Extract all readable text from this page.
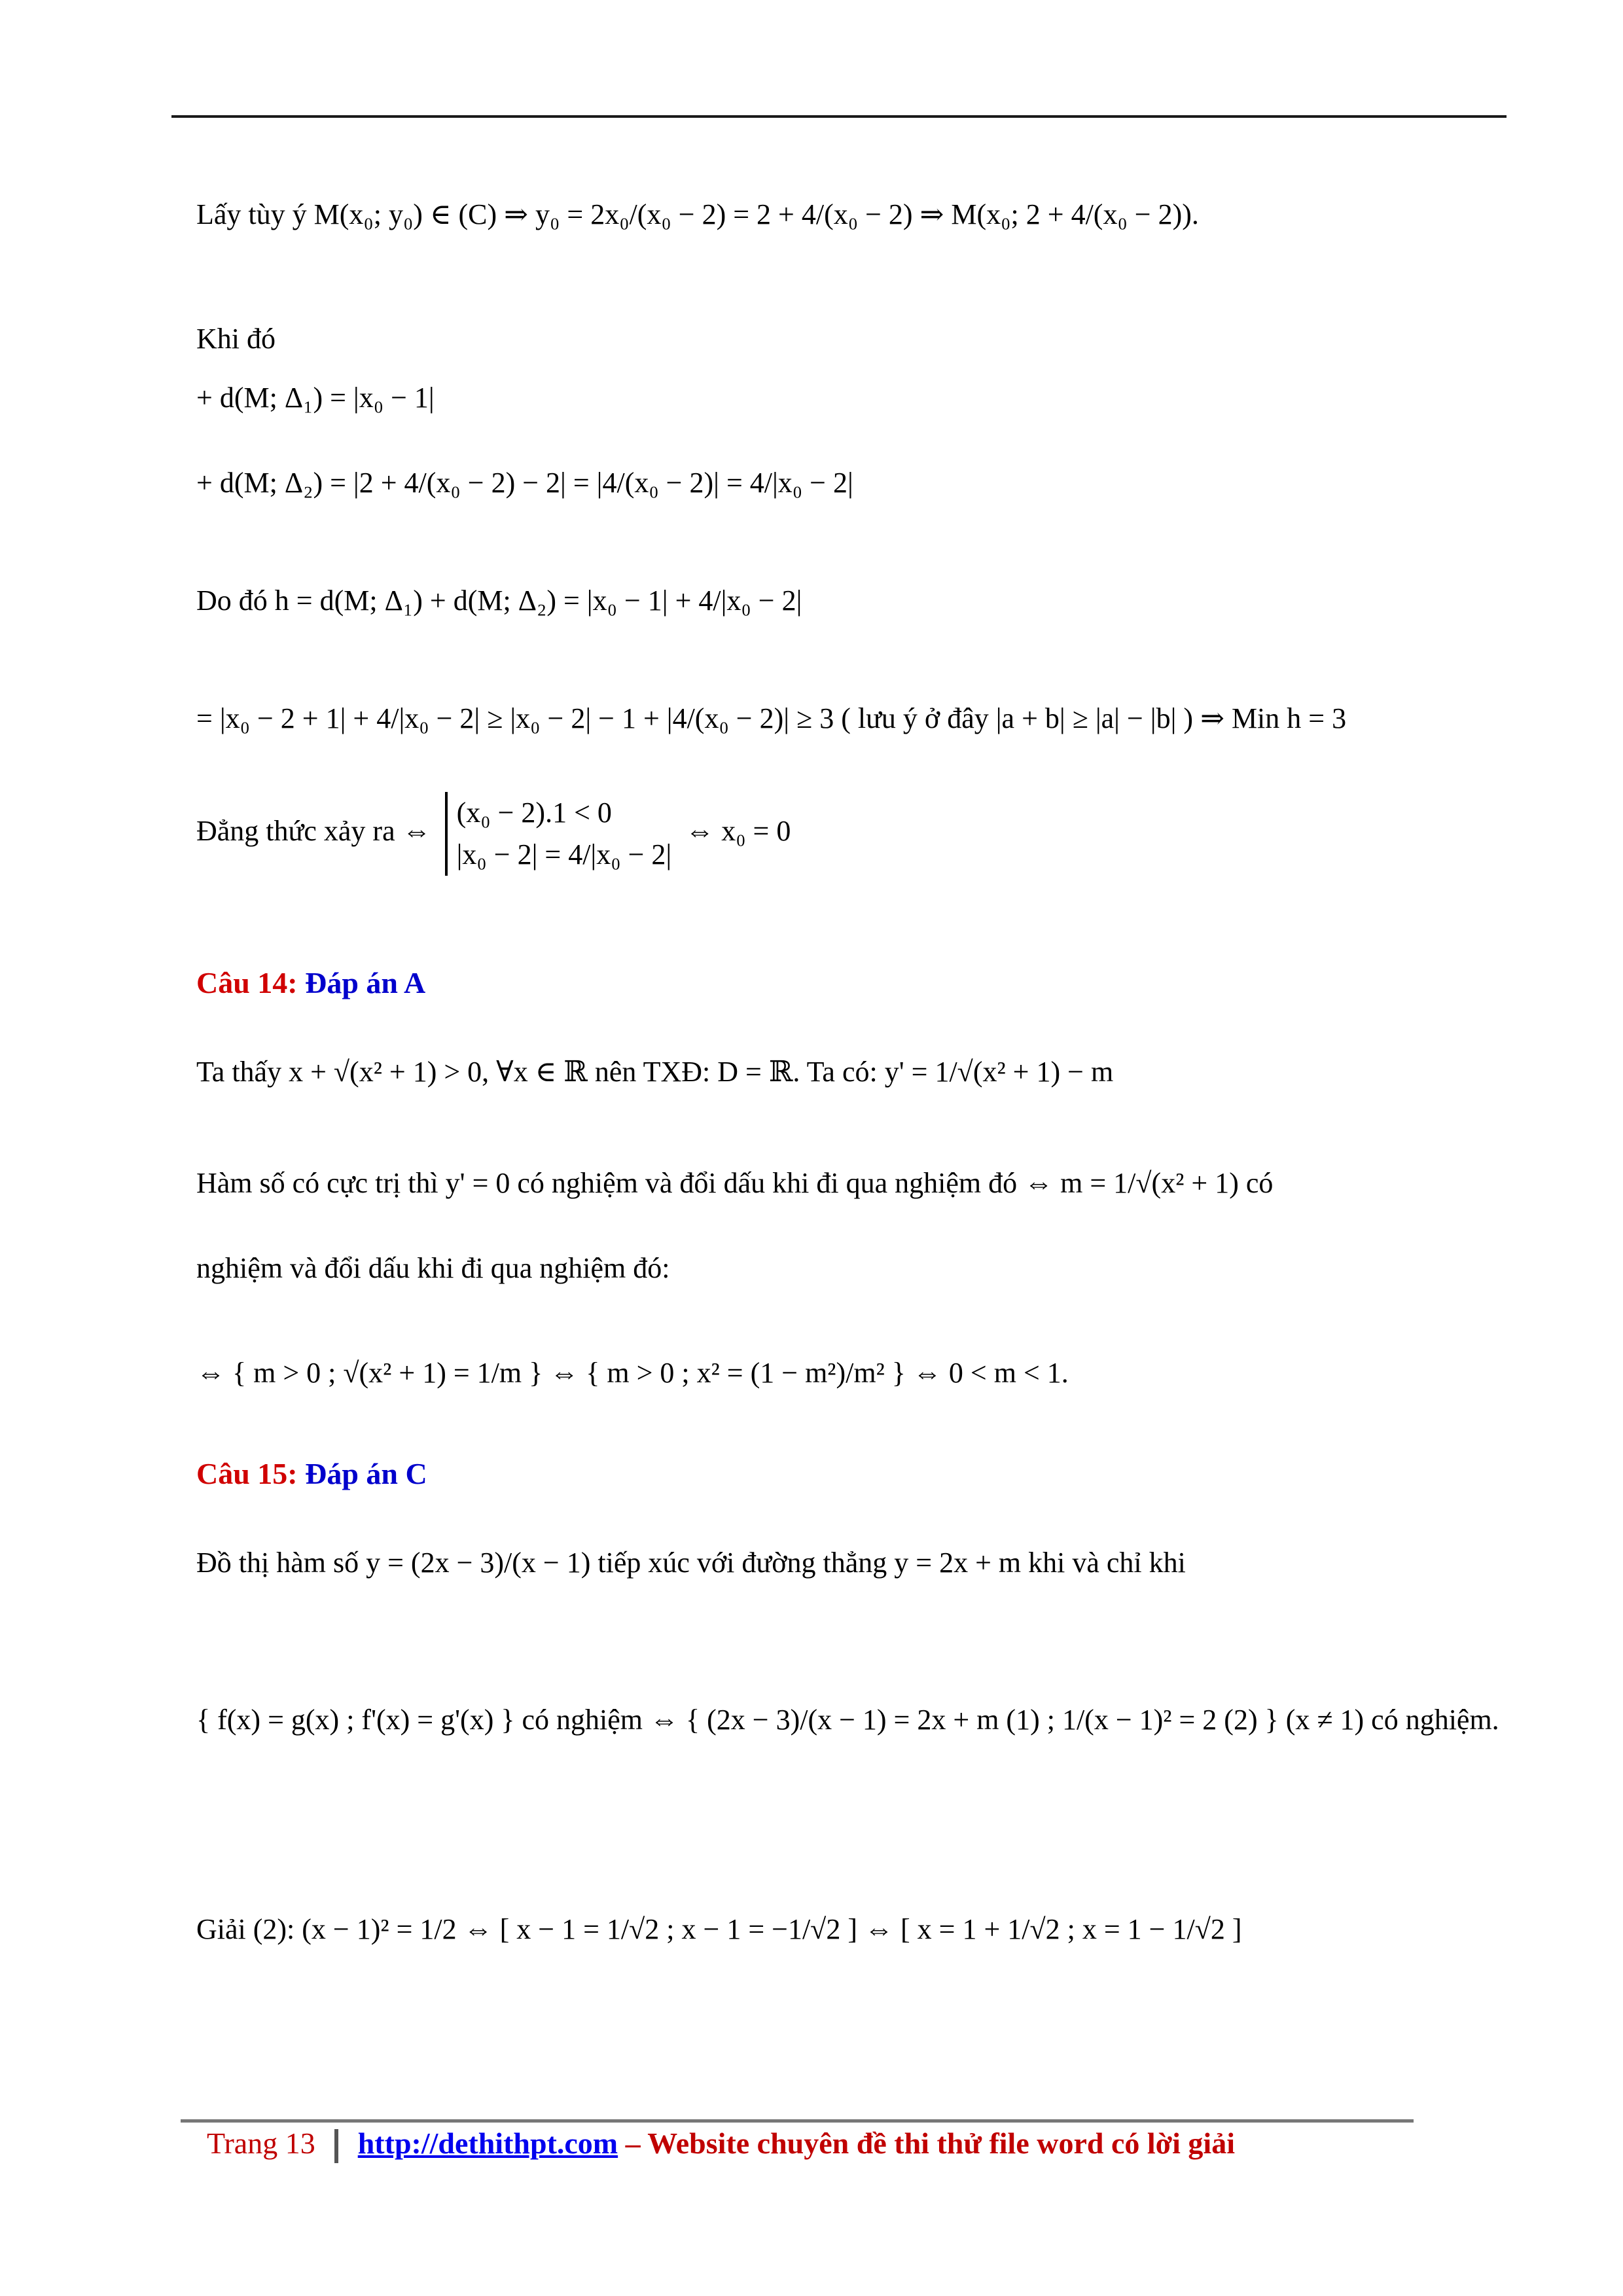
Lấy tùy ý M(x₀; y₀) ∈ (C) ⇒ y₀ = 2x₀/(x₀ − 2) = 2 + 4/(x₀ − 2) ⇒ M(x₀; 2 + 4/(x₀ − 2)).
Khi đó
+ d(M; Δ₁) = |x₀ − 1|
+ d(M; Δ₂) = |2 + 4/(x₀ − 2) − 2| = |4/(x₀ − 2)| = 4/|x₀ − 2|
Do đó h = d(M; Δ₁) + d(M; Δ₂) = |x₀ − 1| + 4/|x₀ − 2|
= |x₀ − 2 + 1| + 4/|x₀ − 2| ≥ |x₀ − 2| − 1 + |4/(x₀ − 2)| ≥ 3 ( lưu ý ở đây |a + b| ≥ |a| − |b| ) ⇒ Min h = 3
Đẳng thức xảy ra ⇔
(x₀ − 2).1 < 0
|x₀ − 2| = 4/|x₀ − 2|
⇔ x₀ = 0
Câu 14: Đáp án A
Ta thấy x + √(x² + 1) > 0, ∀x ∈ ℝ nên TXĐ: D = ℝ. Ta có: y' = 1/√(x² + 1) − m
Hàm số có cực trị thì y' = 0 có nghiệm và đổi dấu khi đi qua nghiệm đó ⇔ m = 1/√(x² + 1) có
nghiệm và đổi dấu khi đi qua nghiệm đó:
⇔ { m > 0 ; √(x² + 1) = 1/m } ⇔ { m > 0 ; x² = (1 − m²)/m² } ⇔ 0 < m < 1.
Câu 15: Đáp án C
Đồ thị hàm số y = (2x − 3)/(x − 1) tiếp xúc với đường thẳng y = 2x + m khi và chỉ khi
{ f(x) = g(x) ; f'(x) = g'(x) } có nghiệm ⇔ { (2x − 3)/(x − 1) = 2x + m (1) ; 1/(x − 1)² = 2 (2) } (x ≠ 1) có nghiệm.
Giải (2): (x − 1)² = 1/2 ⇔ [ x − 1 = 1/√2 ; x − 1 = −1/√2 ] ⇔ [ x = 1 + 1/√2 ; x = 1 − 1/√2 ]
Trang 13 http://dethithpt.com – Website chuyên đề thi thử file word có lời giải
